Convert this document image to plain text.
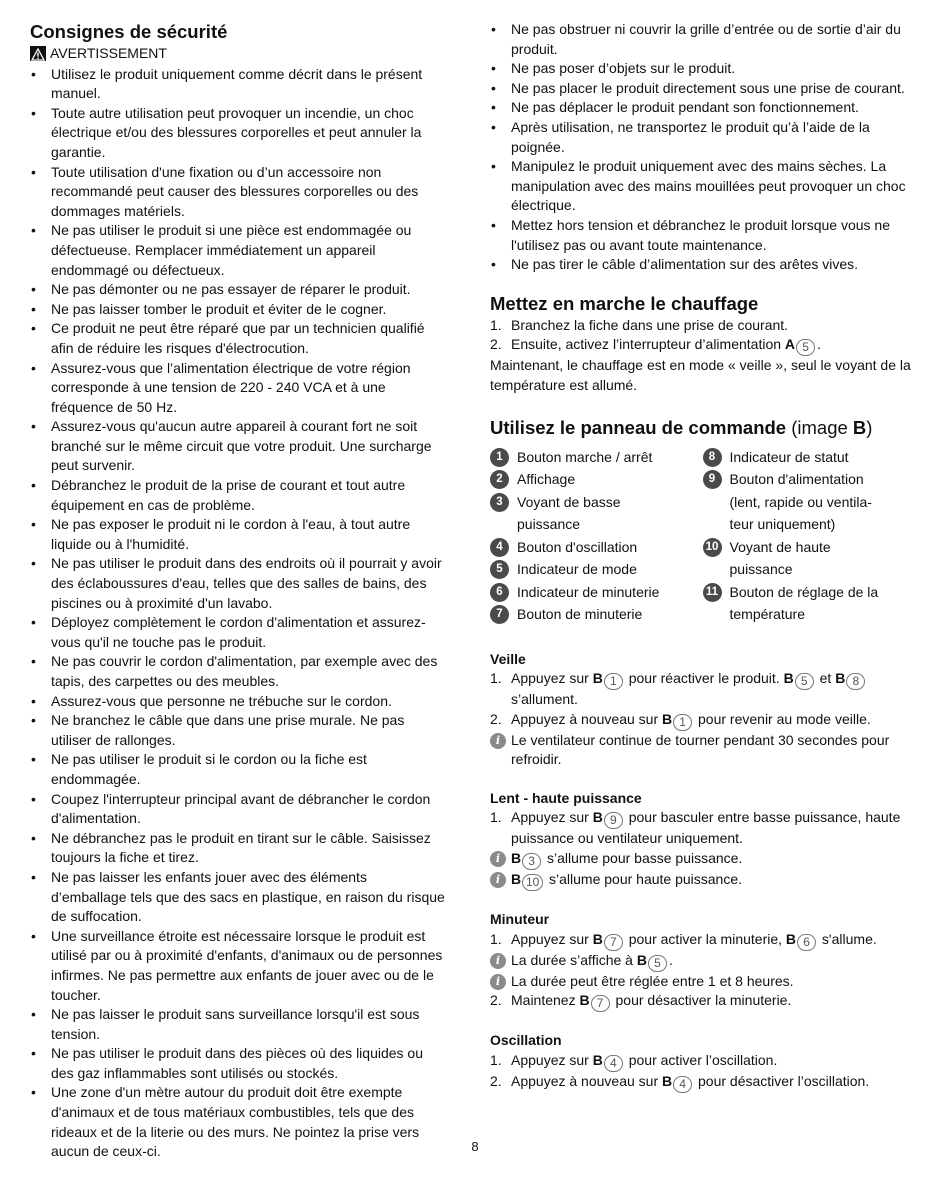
Consignes de sécurité
AVERTISSEMENT
• Utilisez le produit uniquement comme décrit dans le présent manuel.
• Toute autre utilisation peut provoquer un incendie, un choc électrique et/ou des blessures corporelles et peut annuler la garantie.
• Toute utilisation d'une fixation ou d’un accessoire non recommandé peut causer des blessures corporelles ou des dommages matériels.
• Ne pas utiliser le produit si une pièce est endommagée ou défectueuse. Remplacer immédiatement un appareil endommagé ou défectueux.
• Ne pas démonter ou ne pas essayer de réparer le produit.
• Ne pas laisser tomber le produit et éviter de le cogner.
• Ce produit ne peut être réparé que par un technicien qualifié afin de réduire les risques d'électrocution.
• Assurez-vous que l’alimentation électrique de votre région corresponde à une tension de 220 - 240 VCA et à une fréquence de 50 Hz.
• Assurez-vous qu'aucun autre appareil à courant fort ne soit branché sur le même circuit que votre produit. Une surcharge peut survenir.
• Débranchez le produit de la prise de courant et tout autre équipement en cas de problème.
• Ne pas exposer le produit ni le cordon à l'eau, à tout autre liquide ou à l'humidité.
• Ne pas utiliser le produit dans des endroits où il pourrait y avoir des éclaboussures d'eau, telles que des salles de bains, des piscines ou à proximité d'un lavabo.
• Déployez complètement le cordon d'alimentation et assurez-vous qu'il ne touche pas le produit.
• Ne pas couvrir le cordon d'alimentation, par exemple avec des tapis, des carpettes ou des meubles.
• Assurez-vous que personne ne trébuche sur le cordon.
• Ne branchez le câble que dans une prise murale. Ne pas utiliser de rallonges.
• Ne pas utiliser le produit si le cordon ou la fiche est endommagée.
• Coupez l'interrupteur principal avant de débrancher le cordon d'alimentation.
• Ne débranchez pas le produit en tirant sur le câble. Saisissez toujours la fiche et tirez.
• Ne pas laisser les enfants jouer avec des éléments d’emballage tels que des sacs en plastique, en raison du risque de suffocation.
• Une surveillance étroite est nécessaire lorsque le produit est utilisé par ou à proximité d'enfants, d'animaux ou de personnes infirmes. Ne pas permettre aux enfants de jouer avec ou de le toucher.
• Ne pas laisser le produit sans surveillance lorsqu'il est sous tension.
• Ne pas utiliser le produit dans des pièces où des liquides ou des gaz inflammables sont utilisés ou stockés.
• Une zone d'un mètre autour du produit doit être exempte d'animaux et de tous matériaux combustibles, tels que des rideaux et de la literie ou des murs. Ne pointez la prise vers aucun de ceux-ci.
• Ne pas obstruer ni couvrir la grille d’entrée ou de sortie d’air du produit.
• Ne pas poser d’objets sur le produit.
• Ne pas placer le produit directement sous une prise de courant.
• Ne pas déplacer le produit pendant son fonctionnement.
• Après utilisation, ne transportez le produit qu’à l’aide de la poignée.
• Manipulez le produit uniquement avec des mains sèches. La manipulation avec des mains mouillées peut provoquer un choc électrique.
• Mettez hors tension et débranchez le produit lorsque vous ne l'utilisez pas ou avant toute maintenance.
• Ne pas tirer le câble d’alimentation sur des arêtes vives.
Mettez en marche le chauffage
1. Branchez la fiche dans une prise de courant.
2. Ensuite, activez l’interrupteur d’alimentation A 5 .
Maintenant, le chauffage est en mode « veille », seul le voyant de la température est allumé.
Utilisez le panneau de commande (image B)
1	Bouton marche / arrêt
2	Affichage
3	Voyant de basse puissance
4	Bouton d'oscillation
5	Indicateur de mode
6	Indicateur de minuterie
7	Bouton de minuterie
8	Indicateur de statut
9	Bouton d'alimentation (lent, rapide ou ventila-teur uniquement)
10 Voyant de haute puissance
11 Bouton de réglage de la température
Veille
1. Appuyez sur B 1 pour réactiver le produit. B 5 et B 8 s’allument.
2. Appuyez à nouveau sur B 1 pour revenir au mode veille.
i Le ventilateur continue de tourner pendant 30 secondes pour refroidir.
Lent - haute puissance
1. Appuyez sur B 9 pour basculer entre basse puissance, haute puissance ou ventilateur uniquement.
i B 3 s’allume pour basse puissance.
i B 10 s’allume pour haute puissance.
Minuteur
1. Appuyez sur B 7 pour activer la minuterie, B 6 s'allume.
i La durée s’affiche à B 5 .
i La durée peut être réglée entre 1 et 8 heures.
2. Maintenez B 7 pour désactiver la minuterie.
Oscillation
1. Appuyez sur B 4 pour activer l’oscillation.
2. Appuyez à nouveau sur B 4 pour désactiver l’oscillation.
8
